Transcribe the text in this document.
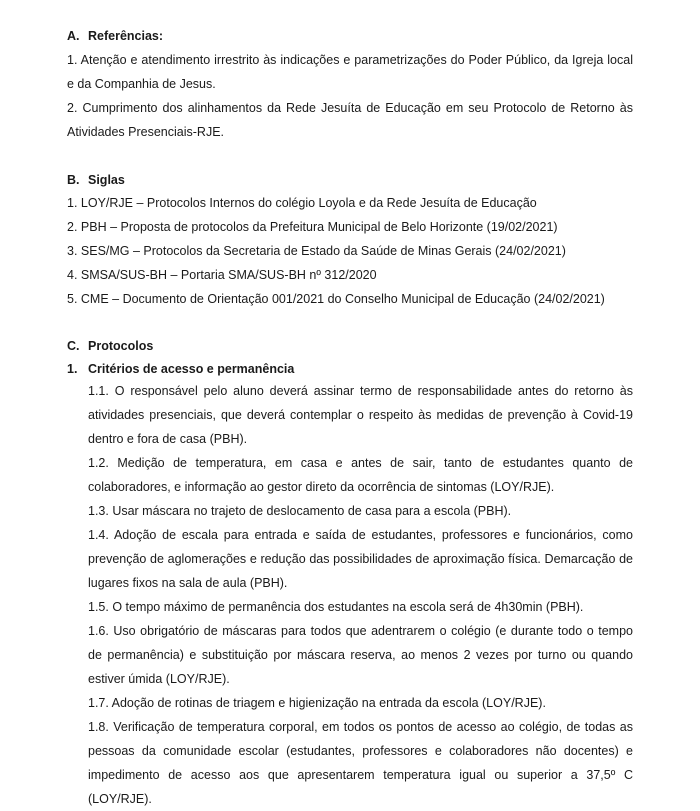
A. Referências:

1. Atenção e atendimento irrestrito às indicações e parametrizações do Poder Público, da Igreja local e da Companhia de Jesus.

2. Cumprimento dos alinhamentos da Rede Jesuíta de Educação em seu Protocolo de Retorno às Atividades Presenciais-RJE.

B. Siglas
1. LOY/RJE – Protocolos Internos do colégio Loyola e da Rede Jesuíta de Educação
2. PBH – Proposta de protocolos da Prefeitura Municipal de Belo Horizonte (19/02/2021)
3. SES/MG – Protocolos da Secretaria de Estado da Saúde de Minas Gerais (24/02/2021)
4. SMSA/SUS-BH – Portaria SMA/SUS-BH nº 312/2020
5. CME – Documento de Orientação 001/2021 do Conselho Municipal de Educação (24/02/2021)
C. Protocolos
1. Critérios de acesso e permanência

1.1. O responsável pelo aluno deverá assinar termo de responsabilidade antes do retorno às atividades presenciais, que deverá contemplar o respeito às medidas de prevenção à Covid-19 dentro e fora de casa (PBH).

1.2. Medição de temperatura, em casa e antes de sair, tanto de estudantes quanto de colaboradores, e informação ao gestor direto da ocorrência de sintomas (LOY/RJE).

1.3. Usar máscara no trajeto de deslocamento de casa para a escola (PBH).

1.4. Adoção de escala para entrada e saída de estudantes, professores e funcionários, como prevenção de aglomerações e redução das possibilidades de aproximação física. Demarcação de lugares fixos na sala de aula (PBH).

1.5. O tempo máximo de permanência dos estudantes na escola será de 4h30min (PBH).

1.6. Uso obrigatório de máscaras para todos que adentrarem o colégio (e durante todo o tempo de permanência) e substituição por máscara reserva, ao menos 2 vezes por turno ou quando estiver úmida (LOY/RJE).

1.7. Adoção de rotinas de triagem e higienização na entrada da escola (LOY/RJE).

1.8. Verificação de temperatura corporal, em todos os pontos de acesso ao colégio, de todas as pessoas da comunidade escolar (estudantes, professores e colaboradores não docentes) e impedimento de acesso aos que apresentarem temperatura igual ou superior a 37,5º C (LOY/RJE).
